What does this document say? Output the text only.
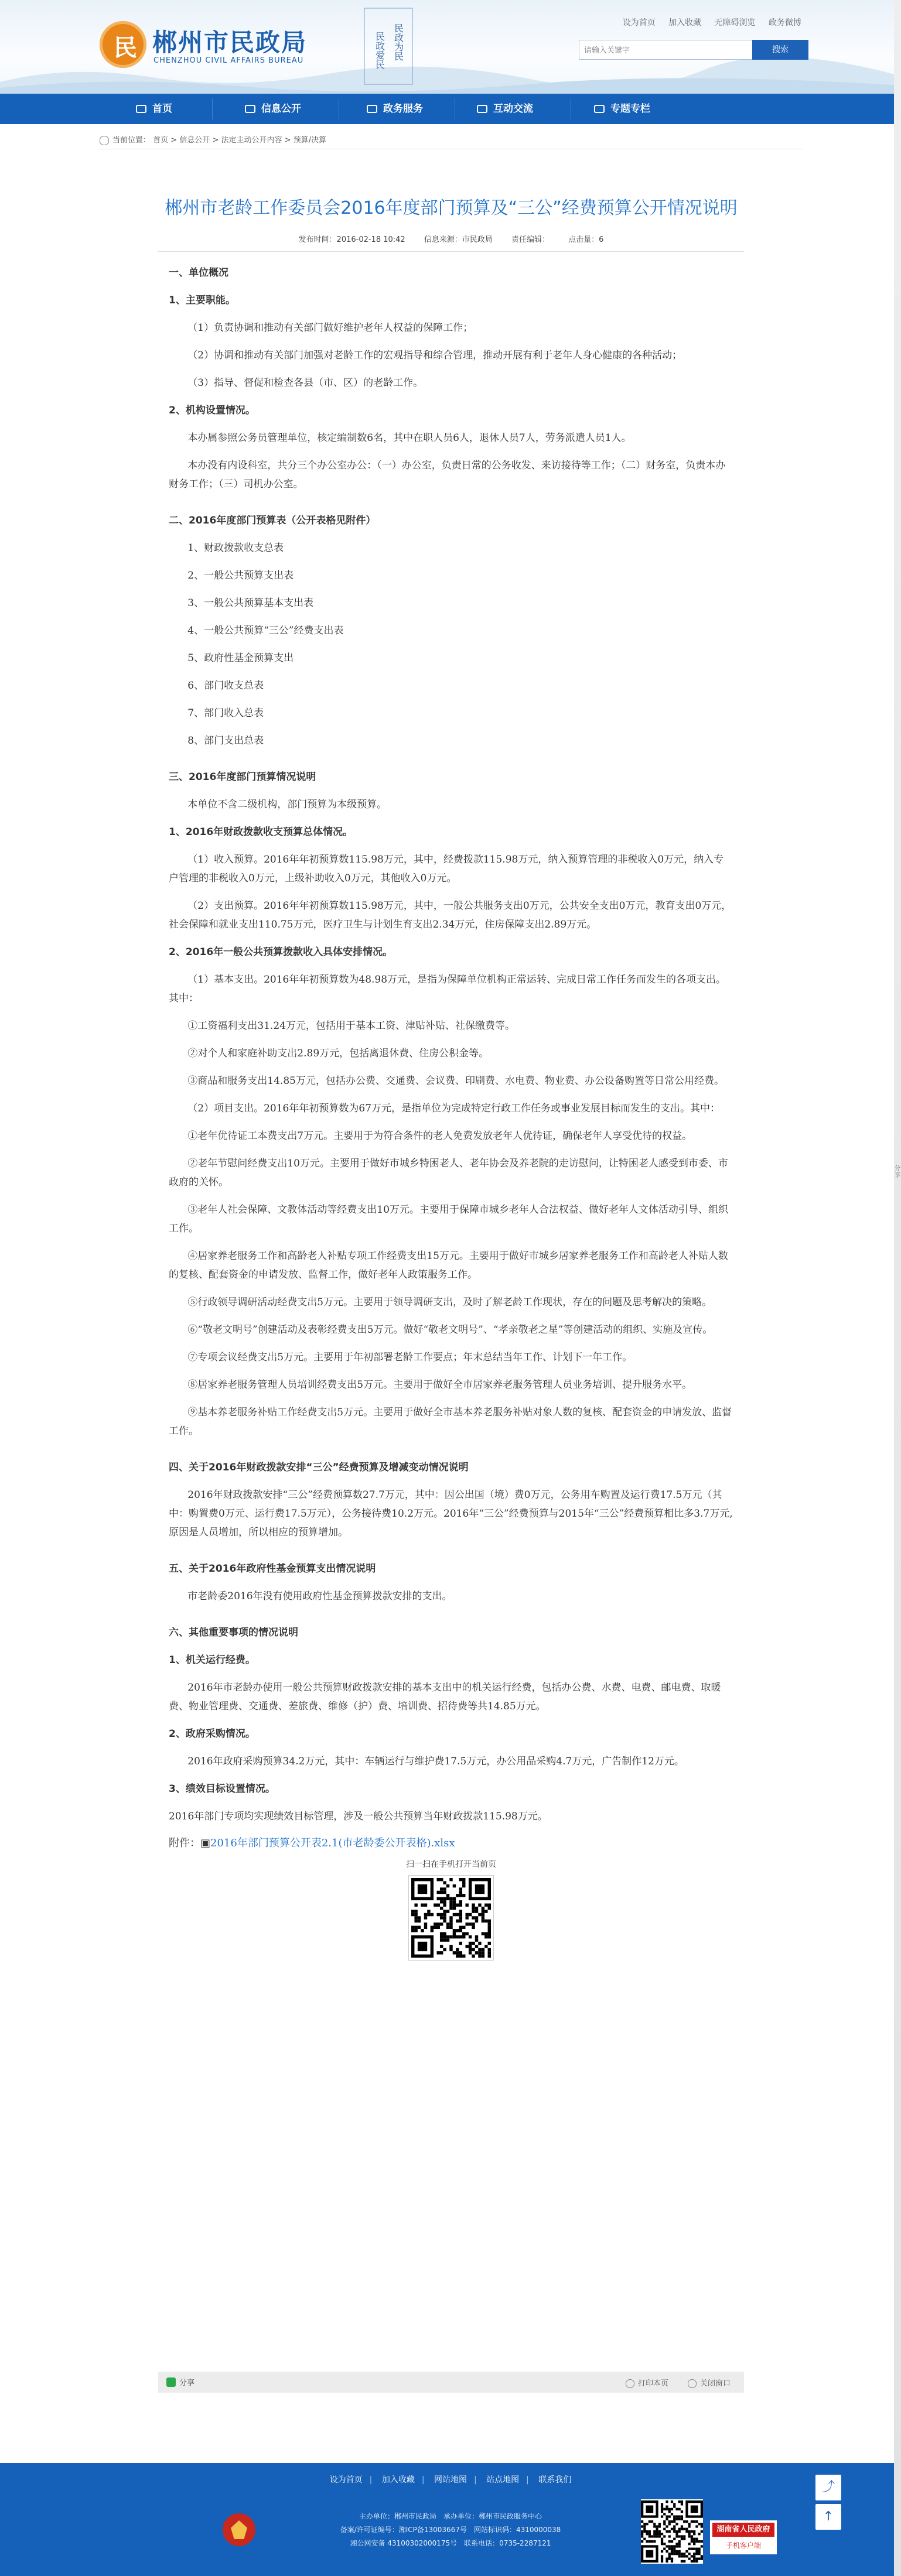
民 郴州市民政局
CHENZHOU CIVIL AFFAIRS BUREAU	民政为民
民政爱民
设为首页 加入收藏 无障碍浏览 政务微博
请输入关键字
搜索
首页	信息公开	政务服务	互动交流	专题专栏
当前位置： 首页 > 信息公开 > 法定主动公开内容 > 预算/决算
郴州市老龄工作委员会2016年度部门预算及“三公”经费预算公开情况说明
发布时间：2016-02-18 10:42 信息来源：市民政局 责任编辑： 点击量：6

一、单位概况

1、主要职能。

（1）负责协调和推动有关部门做好维护老年人权益的保障工作；

（2）协调和推动有关部门加强对老龄工作的宏观指导和综合管理，推动开展有利于老年人身心健康的各种活动；

（3）指导、督促和检查各县（市、区）的老龄工作。

2、机构设置情况。

本办属参照公务员管理单位，核定编制数6名，其中在职人员6人，退休人员7人，劳务派遣人员1人。

本办没有内设科室，共分三个办公室办公：（一）办公室，负责日常的公务收发、来访接待等工作；（二）财务室，负责本办财务工作；（三）司机办公室。

二、2016年度部门预算表（公开表格见附件）

1、财政拨款收支总表

2、一般公共预算支出表

3、一般公共预算基本支出表

4、一般公共预算“三公”经费支出表

5、政府性基金预算支出

6、部门收支总表

7、部门收入总表

8、部门支出总表

三、2016年度部门预算情况说明

本单位不含二级机构，部门预算为本级预算。

1、2016年财政拨款收支预算总体情况。

（1）收入预算。2016年年初预算数115.98万元，其中，经费拨款115.98万元，纳入预算管理的非税收入0万元，纳入专户管理的非税收入0万元，上级补助收入0万元，其他收入0万元。

（2）支出预算。2016年年初预算数115.98万元，其中，一般公共服务支出0万元，公共安全支出0万元，教育支出0万元，社会保障和就业支出110.75万元，医疗卫生与计划生育支出2.34万元，住房保障支出2.89万元。

2、2016年一般公共预算拨款收入具体安排情况。

（1）基本支出。2016年年初预算数为48.98万元，是指为保障单位机构正常运转、完成日常工作任务而发生的各项支出。其中：

①工资福利支出31.24万元，包括用于基本工资、津贴补贴、社保缴费等。

②对个人和家庭补助支出2.89万元，包括离退休费、住房公积金等。

③商品和服务支出14.85万元，包括办公费、交通费、会议费、印刷费、水电费、物业费、办公设备购置等日常公用经费。

（2）项目支出。2016年年初预算数为67万元，是指单位为完成特定行政工作任务或事业发展目标而发生的支出。其中：

①老年优待证工本费支出7万元。主要用于为符合条件的老人免费发放老年人优待证，确保老年人享受优待的权益。

②老年节慰问经费支出10万元。主要用于做好市城乡特困老人、老年协会及养老院的走访慰问，让特困老人感受到市委、市政府的关怀。

③老年人社会保障、文教体活动等经费支出10万元。主要用于保障市城乡老年人合法权益、做好老年人文体活动引导、组织工作。

④居家养老服务工作和高龄老人补贴专项工作经费支出15万元。主要用于做好市城乡居家养老服务工作和高龄老人补贴人数的复核、配套资金的申请发放、监督工作，做好老年人政策服务工作。

⑤行政领导调研活动经费支出5万元。主要用于领导调研支出，及时了解老龄工作现状，存在的问题及思考解决的策略。

⑥“敬老文明号”创建活动及表彰经费支出5万元。做好“敬老文明号”、“孝亲敬老之星”等创建活动的组织、实施及宣传。

⑦专项会议经费支出5万元。主要用于年初部署老龄工作要点；年末总结当年工作、计划下一年工作。

⑧居家养老服务管理人员培训经费支出5万元。主要用于做好全市居家养老服务管理人员业务培训、提升服务水平。

⑨基本养老服务补贴工作经费支出5万元。主要用于做好全市基本养老服务补贴对象人数的复核、配套资金的申请发放、监督工作。

四、关于2016年财政拨款安排“三公”经费预算及增减变动情况说明

2016年财政拨款安排“三公”经费预算数27.7万元，其中：因公出国（境）费0万元，公务用车购置及运行费17.5万元（其中：购置费0万元、运行费17.5万元），公务接待费10.2万元。2016年“三公”经费预算与2015年“三公”经费预算相比多3.7万元,原因是人员增加，所以相应的预算增加。

五、关于2016年政府性基金预算支出情况说明

市老龄委2016年没有使用政府性基金预算拨款安排的支出。

六、其他重要事项的情况说明

1、机关运行经费。

2016年市老龄办使用一般公共预算财政拨款安排的基本支出中的机关运行经费，包括办公费、水费、电费、邮电费、取暖费、物业管理费、交通费、差旅费、维修（护）费、培训费、招待费等共14.85万元。

2、政府采购情况。

2016年政府采购预算34.2万元，其中：车辆运行与维护费17.5万元，办公用品采购4.7万元，广告制作12万元。

3、绩效目标设置情况。

2016年部门专项均实现绩效目标管理，涉及一般公共预算当年财政拨款115.98万元。

附件：▣2016年部门预算公开表2.1(市老龄委公开表格).xlsx
扫一扫在手机打开当前页
分享	打印本页	关闭窗口
设为首页 | 加入收藏 | 网站地图 | 站点地图 | 联系我们
主办单位：郴州市民政局　承办单位：郴州市民政服务中心
备案/许可证编号：湘ICP备13003667号　网站标识码：4310000038
湘公网安备 43100302000175号　联系电话：0735-2287121
湖南省人民政府
手机客户端
⤴
↑
分享
